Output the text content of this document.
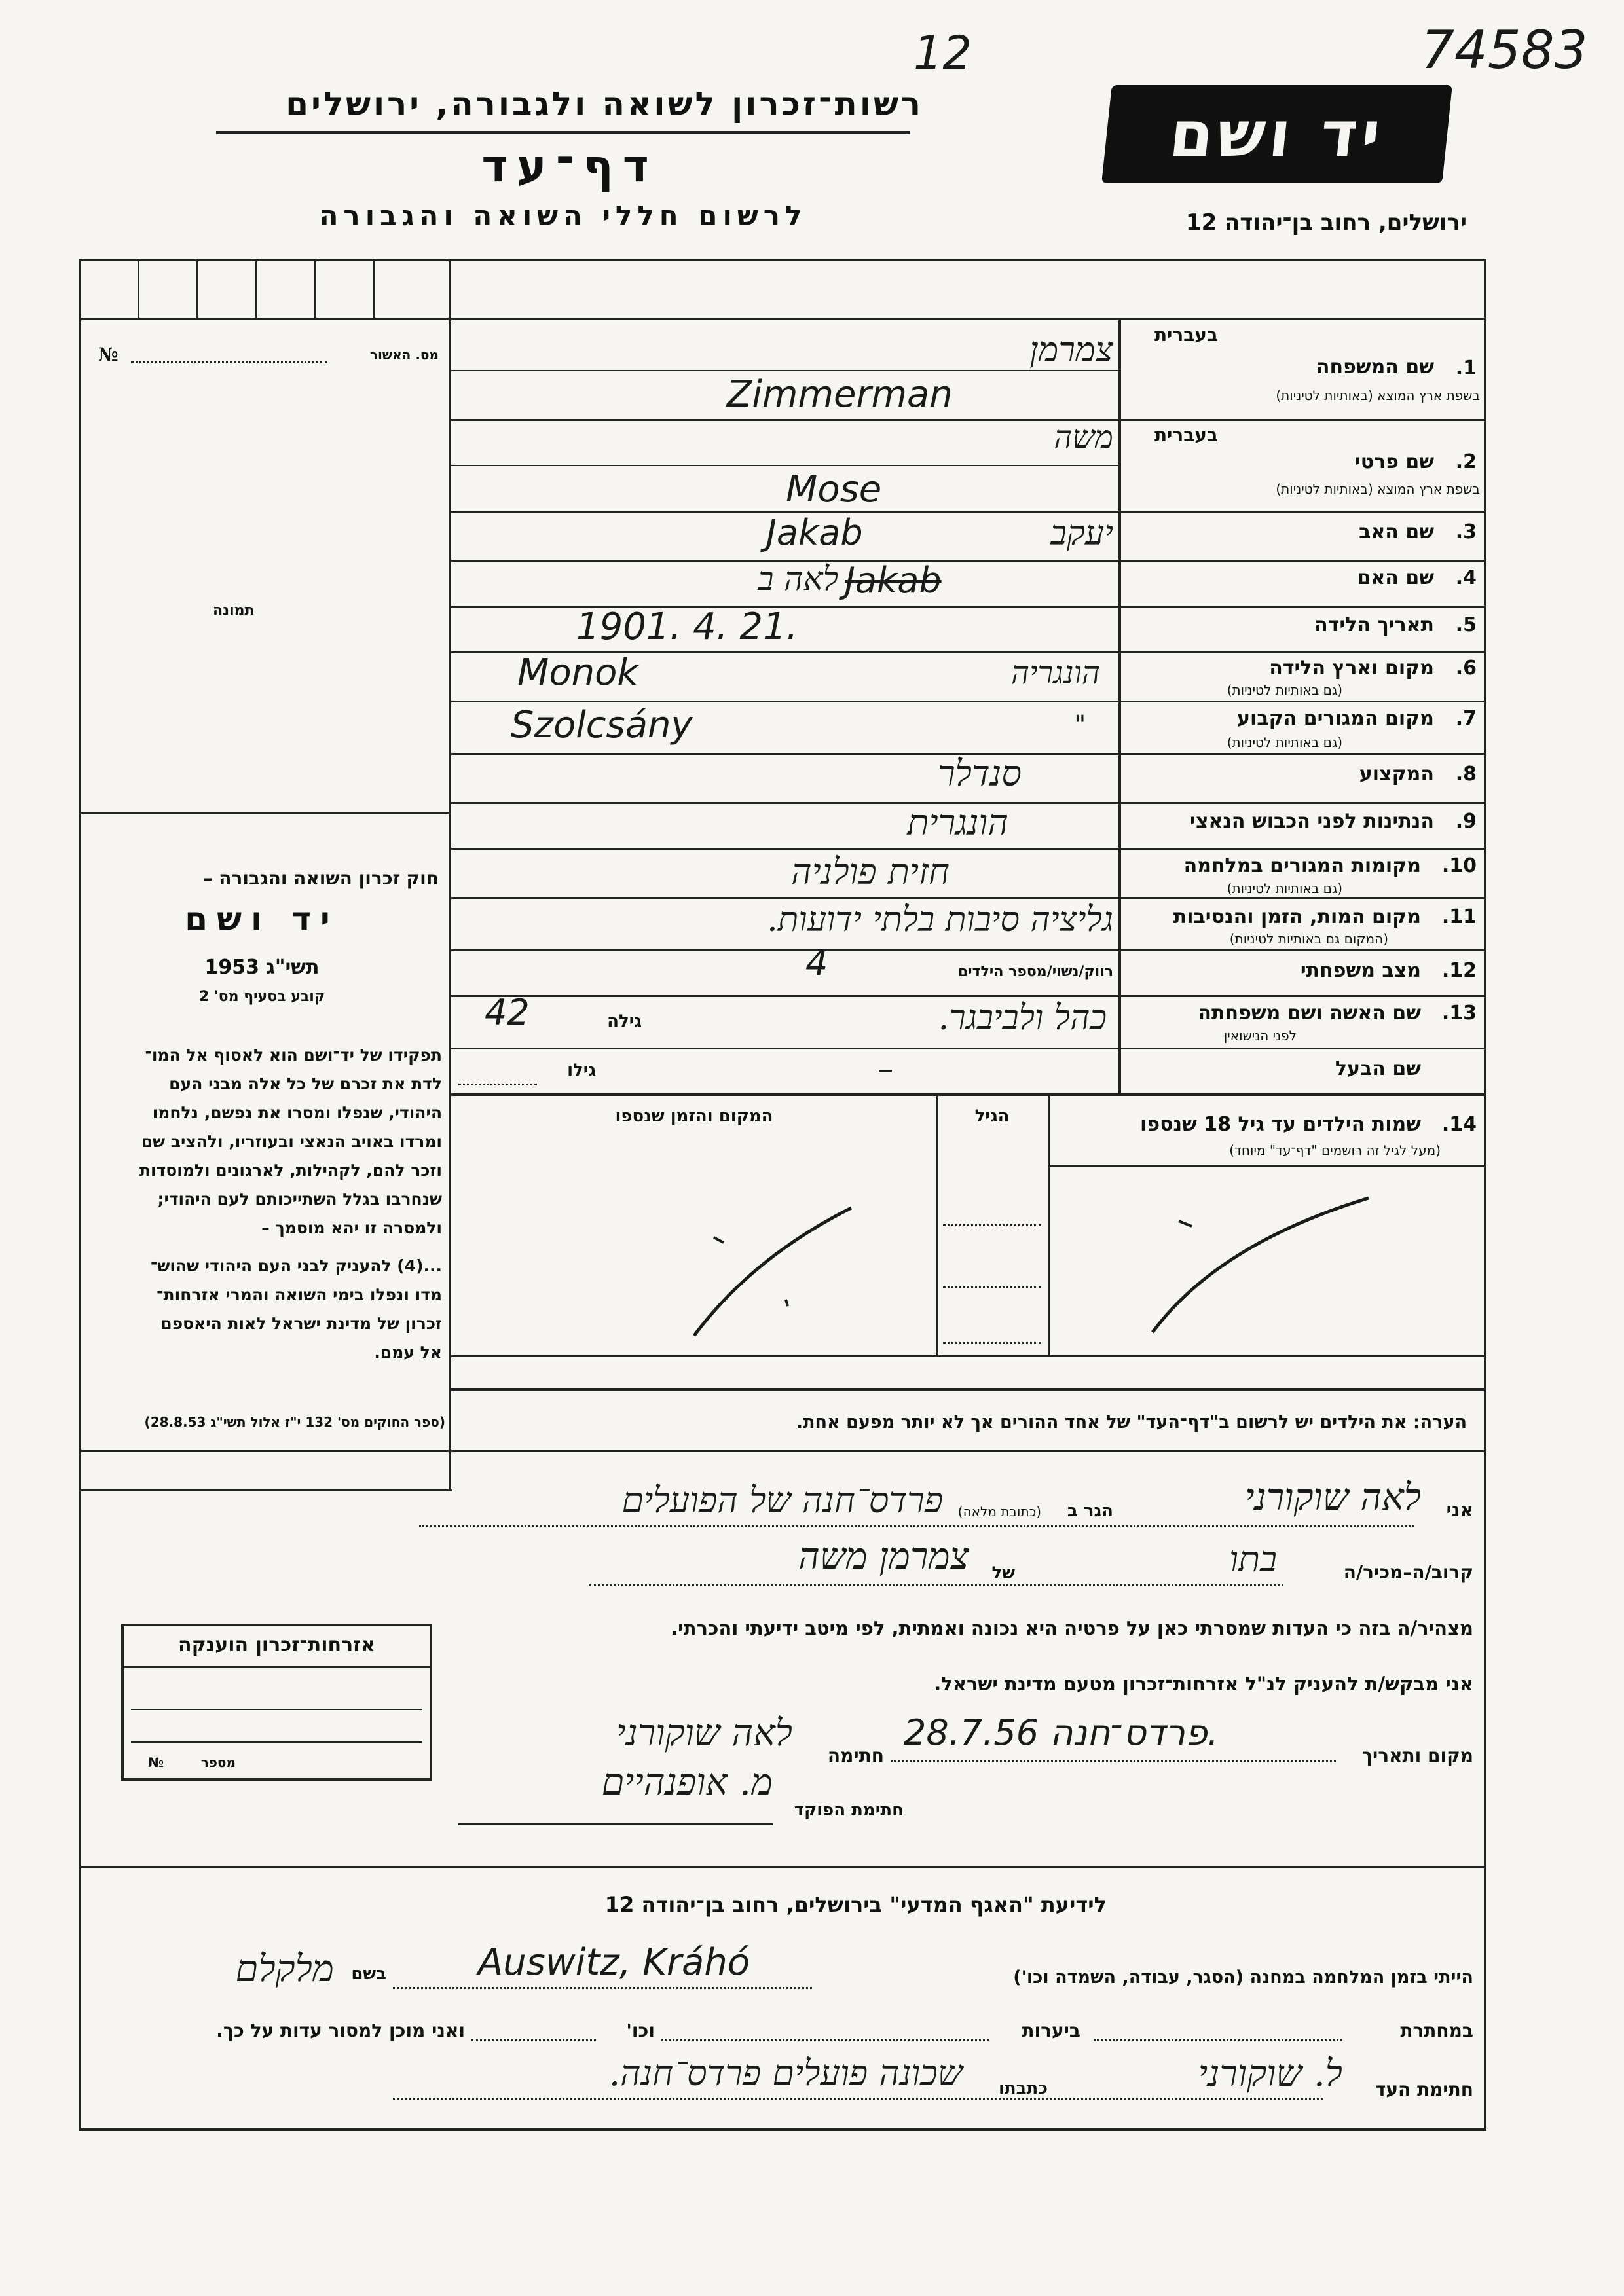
74583
12
רשות־זכרון לשואה ולגבורה, ירושלים
דף־עד
לרשום חללי השואה והגבורה
יד ושם
ירושלים, רחוב בן־יהודה 12
№	מס. האשור
תמונה
חוק זכרון השואה והגבורה –
יד ושם
תשי"ג 1953
קובע בסעיף מס' 2
תפקידו של יד־ושם הוא לאסוף אל המו־
לדת את זכרם של כל אלה מבני העם
היהודי, שנפלו ומסרו את נפשם, נלחמו
ומרדו באויב הנאצי ובעוזריו, ולהציב שם
וזכר להם, לקהילות, לארגונים ולמוסדות
שנחרבו בגלל השתייכותם לעם היהודי;
ולמסרה זו יהא מוסמך –
...(4) להעניק לבני העם היהודי שהוש־
מדו ונפלו בימי השואה והמרי אזרחות־
זכרון של מדינת ישראל לאות היאספם
אל עמם.
(ספר החוקים מס' 132 י"ז אלול תשי"ג 28.8.53)
בעברית
1.
שם המשפחה
בשפת ארץ המוצא (באותיות לטיניות)
צמרמן
Zimmerman
בעברית
2.
שם פרטי
בשפת ארץ המוצא (באותיות לטיניות)
משה
Mose
3.
שם האב
יעקב
Jakab
4.
שם האם
לאה ב Jakab
5.
תאריך הלידה
1901. 4. 21.
6.
מקום וארץ הלידה
(גם באותיות לטיניות)
Monok	הונגריה
7.
מקום המגורים הקבוע
(גם באותיות לטיניות)
Szolcsány	"
8.
המקצוע
סנדלר
9.
הנתינות לפני הכבוש הנאצי
הונגרית
10.
מקומות המגורים במלחמה
(גם באותיות לטיניות)
חזית פולניה
11.
מקום המות, הזמן והנסיבות
(המקום גם באותיות לטיניות)
גליציה סיבות בלתי ידועות.
12.
מצב משפחתי
רווק/נשוי/מספר הילדים
4
13.
שם האשה ושם משפחתה
לפני הנישואין
כהל ולביבגר.
גילה
42
שם הבעל
גילו	–
14.
שמות הילדים עד גיל 18 שנספו
(מעל לגיל זה רושמים "דף־עד" מיוחד)
הגיל
המקום והזמן שנספו
הערה: את הילדים יש לרשום ב"דף־העד" של אחד ההורים אך לא יותר מפעם אחת.
אני
לאה שוקורני
הגר ב
(כתובת מלאה)
פרדס־חנה של הפועלים
קרוב/ה–מכיר/ה
בתו
של
צמרמן משה
מצהיר/ה בזה כי העדות שמסרתי כאן על פרטיה היא נכונה ואמתית, לפי מיטב ידיעתי והכרתי.
אני מבקש/ת להעניק לנ"ל אזרחות־זכרון מטעם מדינת ישראל.
מקום ותאריך
פרדס־חנה 28.7.56.
חתימה
לאה שוקורני
חתימת הפוקד
מ. אופנהיים
אזרחות־זכרון הוענקה
№	מספר
לידיעת "האגף המדעי" בירושלים, רחוב בן־יהודה 12
הייתי בזמן המלחמה במחנה (הסגר, עבודה, השמדה וכו')
מלקלם	בשם	Auswitz, Kráhó
במחתרת
ביערות
וכו'
ואני מוכן למסור עדות על כך.
חתימת העד
ל. שוקורני
כתבתו
שכונה פועלים פרדס־חנה.
